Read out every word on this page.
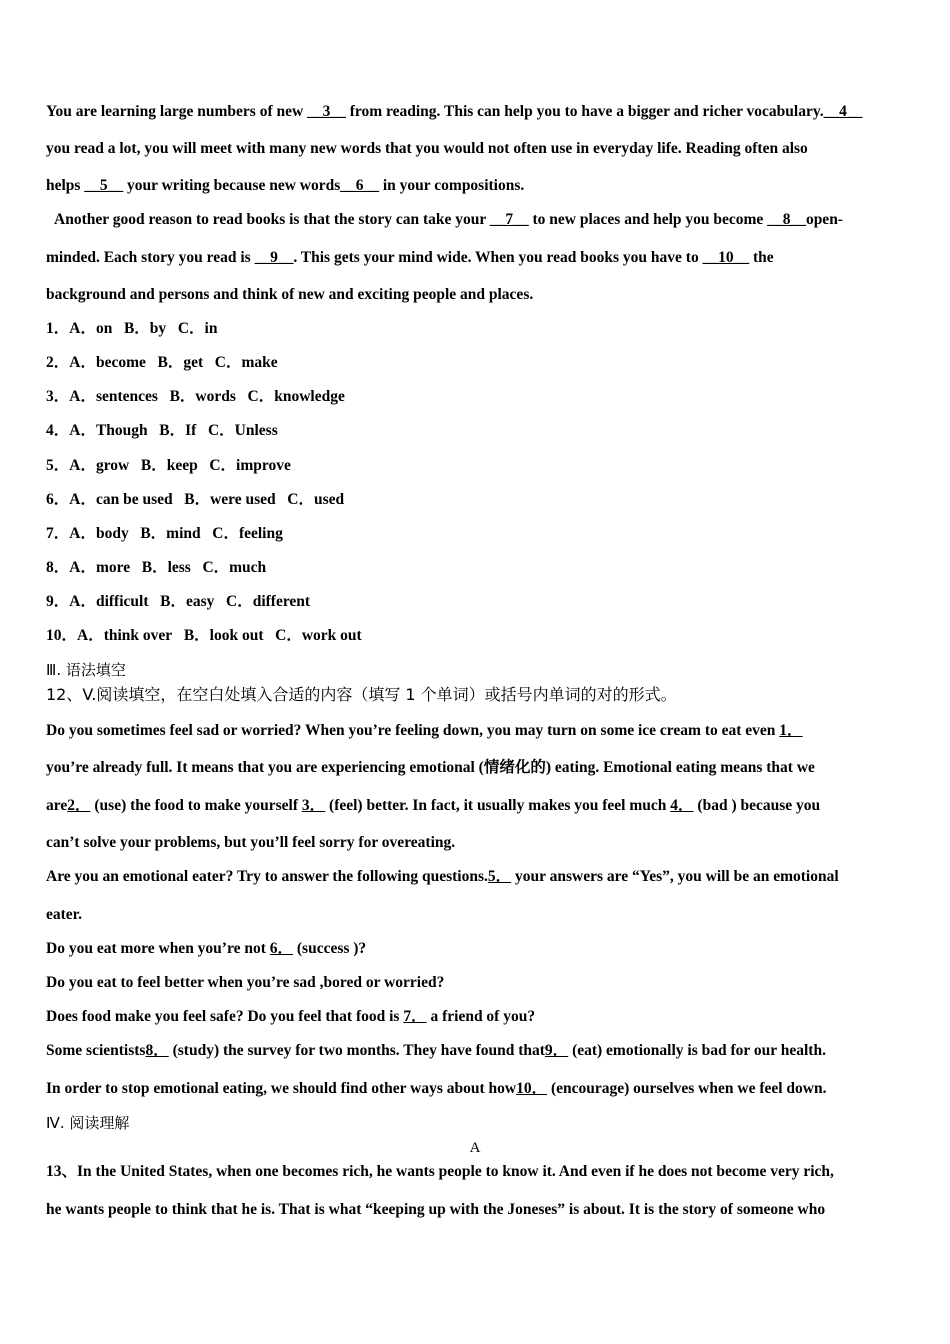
You are learning large numbers of new __3__ from reading. This can help you to have a bigger and richer vocabulary.__4__
you read a lot, you will meet with many new words that you would not often use in everyday life. Reading often also
helps __5__ your writing because new words__6__ in your compositions.
Another good reason to read books is that the story can take your __7__ to new places and help you become __8__open-
minded. Each story you read is __9__. This gets your mind wide. When you read books you have to __10__ the
background and persons and think of new and exciting people and places.
1．A．on B．by C．in
2．A．become B．get C．make
3．A．sentences B．words C．knowledge
4．A．Though B．If C．Unless
5．A．grow B．keep C．improve
6．A．can be used B．were used C．used
7．A．body B．mind C．feeling
8．A．more B．less C．much
9．A．difficult B．easy C．different
10．A．think over B．look out C．work out
Ⅲ. 语法填空
12、V.阅读填空，在空白处填入合适的内容（填写 1 个单词）或括号内单词的对的形式。
Do you sometimes feel sad or worried? When you’re feeling down, you may turn on some ice cream to eat even 1．
you’re already full. It means that you are experiencing emotional (情绪化的) eating. Emotional eating means that we
are2． (use) the food to make yourself 3． (feel) better. In fact, it usually makes you feel much 4． (bad ) because you
can’t solve your problems, but you’ll feel sorry for overeating.
Are you an emotional eater? Try to answer the following questions.5． your answers are “Yes”, you will be an emotional
eater.
Do you eat more when you’re not 6． (success )?
Do you eat to feel better when you’re sad ,bored or worried?
Does food make you feel safe? Do you feel that food is 7． a friend of you?
Some scientists8． (study) the survey for two months. They have found that9． (eat) emotionally is bad for our health.
In order to stop emotional eating, we should find other ways about how10． (encourage) ourselves when we feel down.
Ⅳ. 阅读理解
A
13、In the United States, when one becomes rich, he wants people to know it. And even if he does not become very rich,
he wants people to think that he is. That is what “keeping up with the Joneses” is about. It is the story of someone who
